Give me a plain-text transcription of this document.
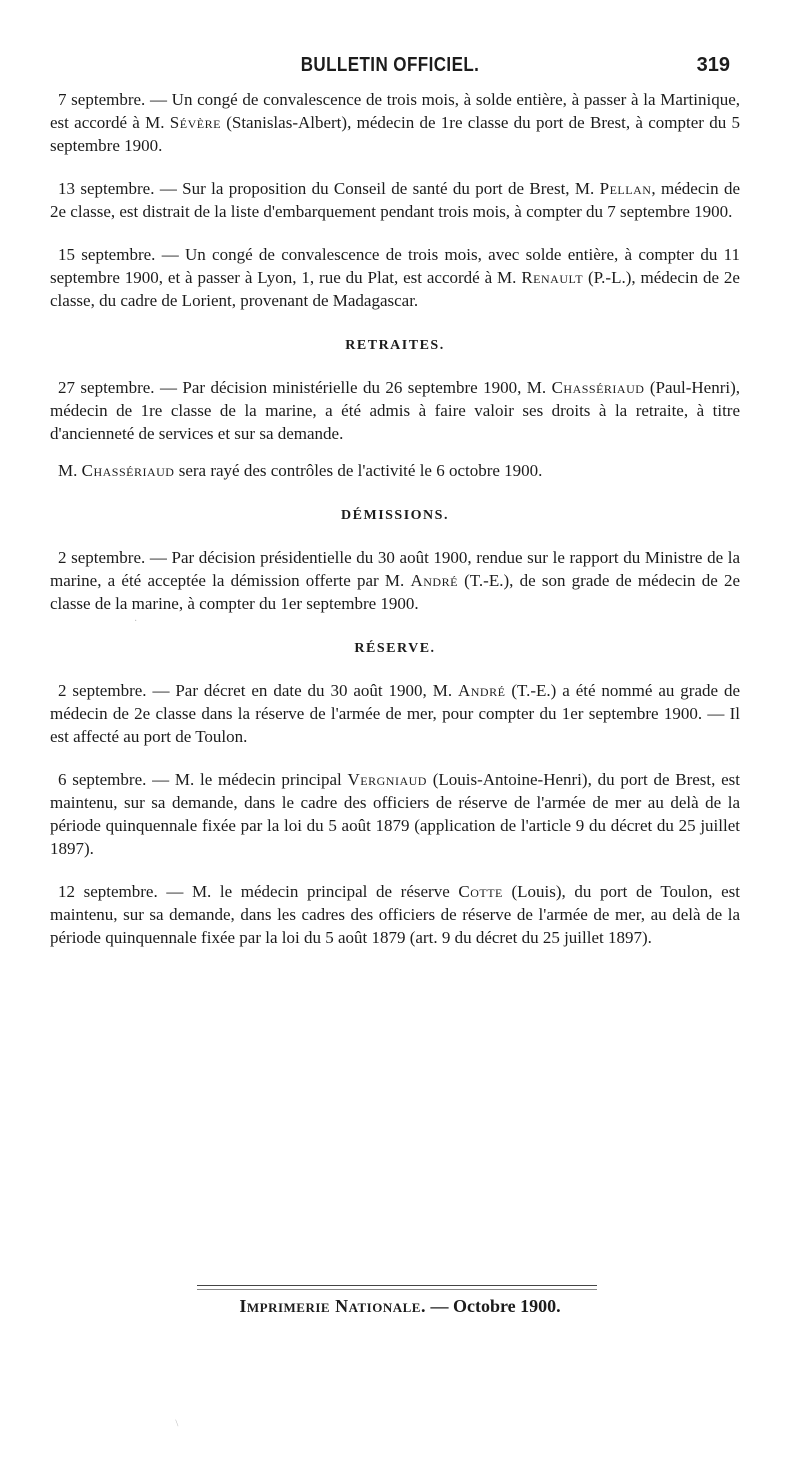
BULLETIN OFFICIEL.	319

7 septembre. — Un congé de convalescence de trois mois, à solde entière, à passer à la Martinique, est accordé à M. Sévère (Stanislas-Albert), médecin de 1re classe du port de Brest, à compter du 5 septembre 1900.

13 septembre. — Sur la proposition du Conseil de santé du port de Brest, M. Pellan, médecin de 2e classe, est distrait de la liste d'embarquement pendant trois mois, à compter du 7 septembre 1900.

15 septembre. — Un congé de convalescence de trois mois, avec solde entière, à compter du 11 septembre 1900, et à passer à Lyon, 1, rue du Plat, est accordé à M. Renault (P.-L.), médecin de 2e classe, du cadre de Lorient, provenant de Madagascar.

RETRAITES.

27 septembre. — Par décision ministérielle du 26 septembre 1900, M. Chassériaud (Paul-Henri), médecin de 1re classe de la marine, a été admis à faire valoir ses droits à la retraite, à titre d'ancienneté de services et sur sa demande.

M. Chassériaud sera rayé des contrôles de l'activité le 6 octobre 1900.

DÉMISSIONS.

2 septembre. — Par décision présidentielle du 30 août 1900, rendue sur le rapport du Ministre de la marine, a été acceptée la démission offerte par M. André (T.-E.), de son grade de médecin de 2e classe de la marine, à compter du 1er septembre 1900.

RÉSERVE.

2 septembre. — Par décret en date du 30 août 1900, M. André (T.-E.) a été nommé au grade de médecin de 2e classe dans la réserve de l'armée de mer, pour compter du 1er septembre 1900. — Il est affecté au port de Toulon.

6 septembre. — M. le médecin principal Vergniaud (Louis-Antoine-Henri), du port de Brest, est maintenu, sur sa demande, dans le cadre des officiers de réserve de l'armée de mer au delà de la période quinquennale fixée par la loi du 5 août 1879 (application de l'article 9 du décret du 25 juillet 1897).

12 septembre. — M. le médecin principal de réserve Cotte (Louis), du port de Toulon, est maintenu, sur sa demande, dans les cadres des officiers de réserve de l'armée de mer, au delà de la période quinquennale fixée par la loi du 5 août 1879 (art. 9 du décret du 25 juillet 1897).

Imprimerie Nationale. — Octobre 1900.
·
/
